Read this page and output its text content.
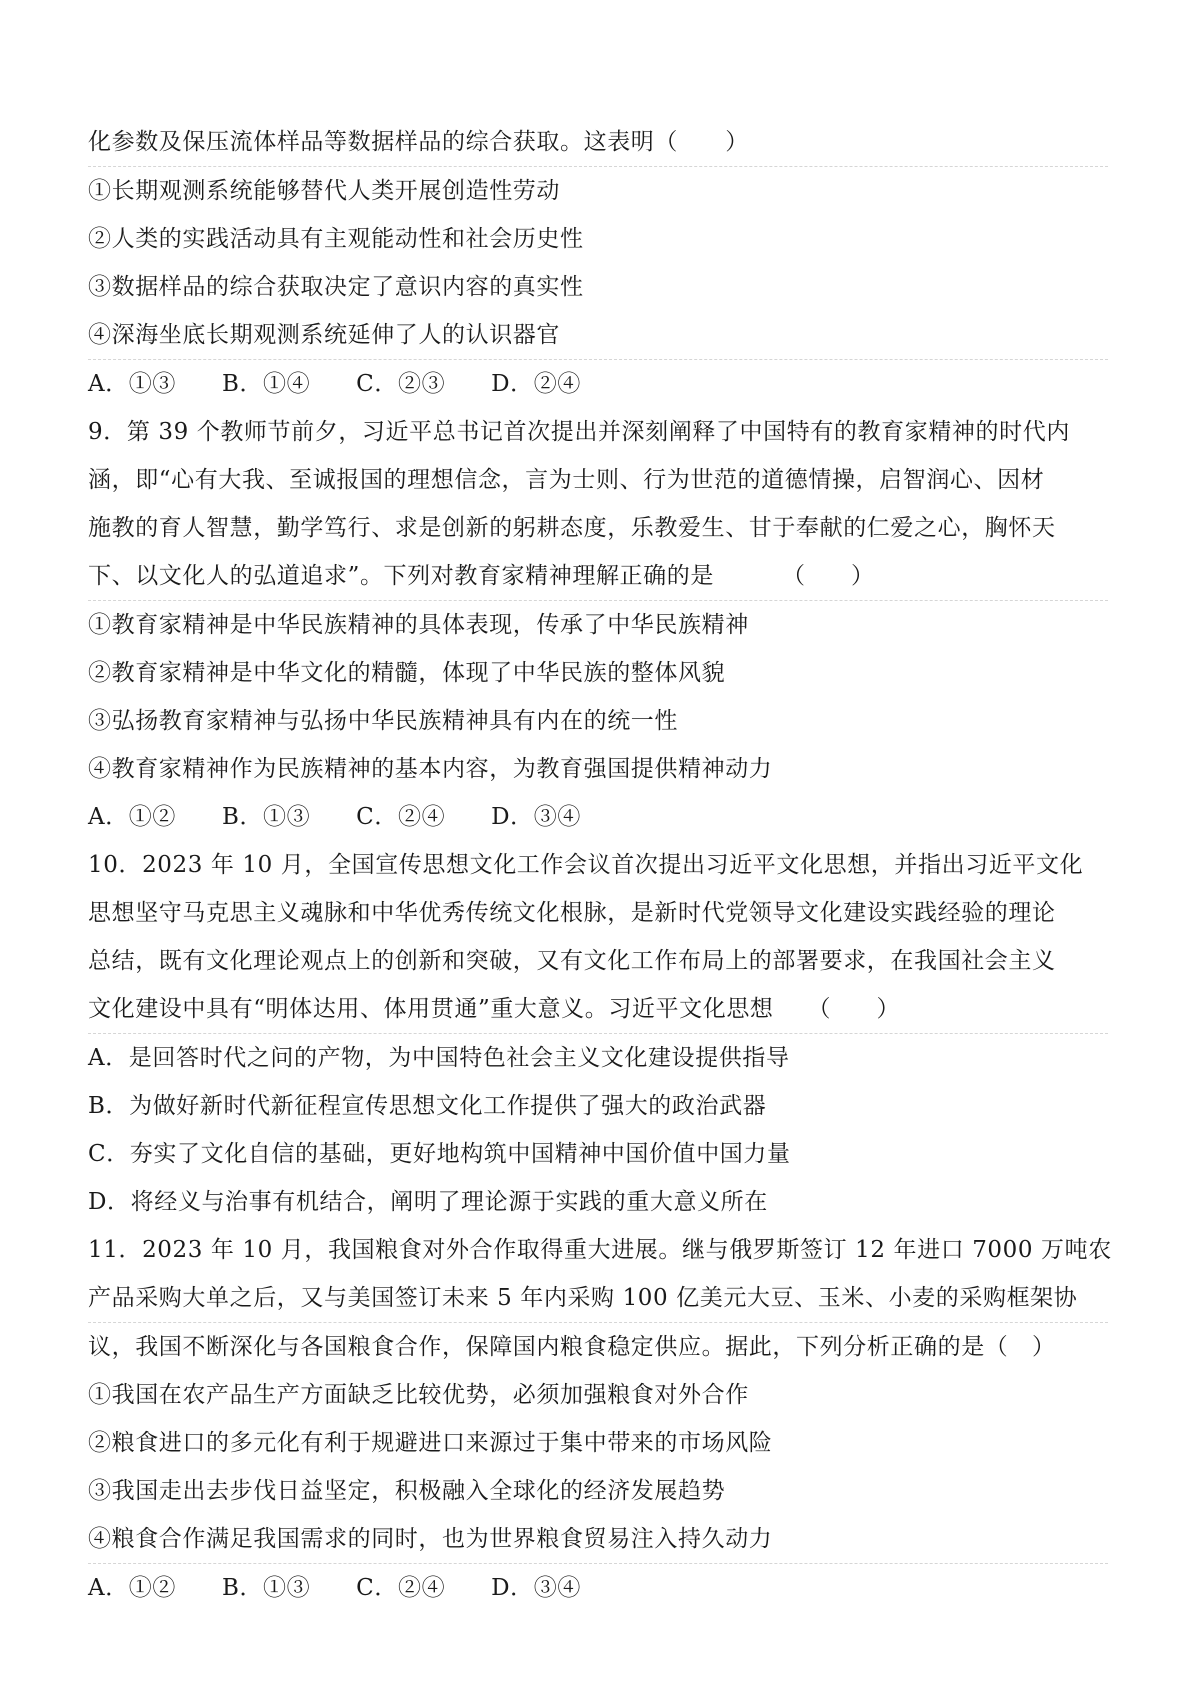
化参数及保压流体样品等数据样品的综合获取。这表明（　　）
①长期观测系统能够替代人类开展创造性劳动
②人类的实践活动具有主观能动性和社会历史性
③数据样品的综合获取决定了意识内容的真实性
④深海坐底长期观测系统延伸了人的认识器官
A．①③ B．①④ C．②③ D．②④
9．第 39 个教师节前夕，习近平总书记首次提出并深刻阐释了中国特有的教育家精神的时代内
涵，即“心有大我、至诚报国的理想信念，言为士则、行为世范的道德情操，启智润心、因材
施教的育人智慧，勤学笃行、求是创新的躬耕态度，乐教爱生、甘于奉献的仁爱之心，胸怀天
下、以文化人的弘道追求”。下列对教育家精神理解正确的是	（　　）
①教育家精神是中华民族精神的具体表现，传承了中华民族精神
②教育家精神是中华文化的精髓，体现了中华民族的整体风貌
③弘扬教育家精神与弘扬中华民族精神具有内在的统一性
④教育家精神作为民族精神的基本内容，为教育强国提供精神动力
A．①② B．①③ C．②④ D．③④
10．2023 年 10 月，全国宣传思想文化工作会议首次提出习近平文化思想，并指出习近平文化
思想坚守马克思主义魂脉和中华优秀传统文化根脉，是新时代党领导文化建设实践经验的理论
总结，既有文化理论观点上的创新和突破，又有文化工作布局上的部署要求，在我国社会主义
文化建设中具有“明体达用、体用贯通”重大意义。习近平文化思想 （　　）
A．是回答时代之问的产物，为中国特色社会主义文化建设提供指导
B．为做好新时代新征程宣传思想文化工作提供了强大的政治武器
C．夯实了文化自信的基础，更好地构筑中国精神中国价值中国力量
D．将经义与治事有机结合，阐明了理论源于实践的重大意义所在
11．2023 年 10 月，我国粮食对外合作取得重大进展。继与俄罗斯签订 12 年进口 7000 万吨农
产品采购大单之后，又与美国签订未来 5 年内采购 100 亿美元大豆、玉米、小麦的采购框架协
议，我国不断深化与各国粮食合作，保障国内粮食稳定供应。据此，下列分析正确的是（　）
①我国在农产品生产方面缺乏比较优势，必须加强粮食对外合作
②粮食进口的多元化有利于规避进口来源过于集中带来的市场风险
③我国走出去步伐日益坚定，积极融入全球化的经济发展趋势
④粮食合作满足我国需求的同时，也为世界粮食贸易注入持久动力
A．①② B．①③ C．②④ D．③④
